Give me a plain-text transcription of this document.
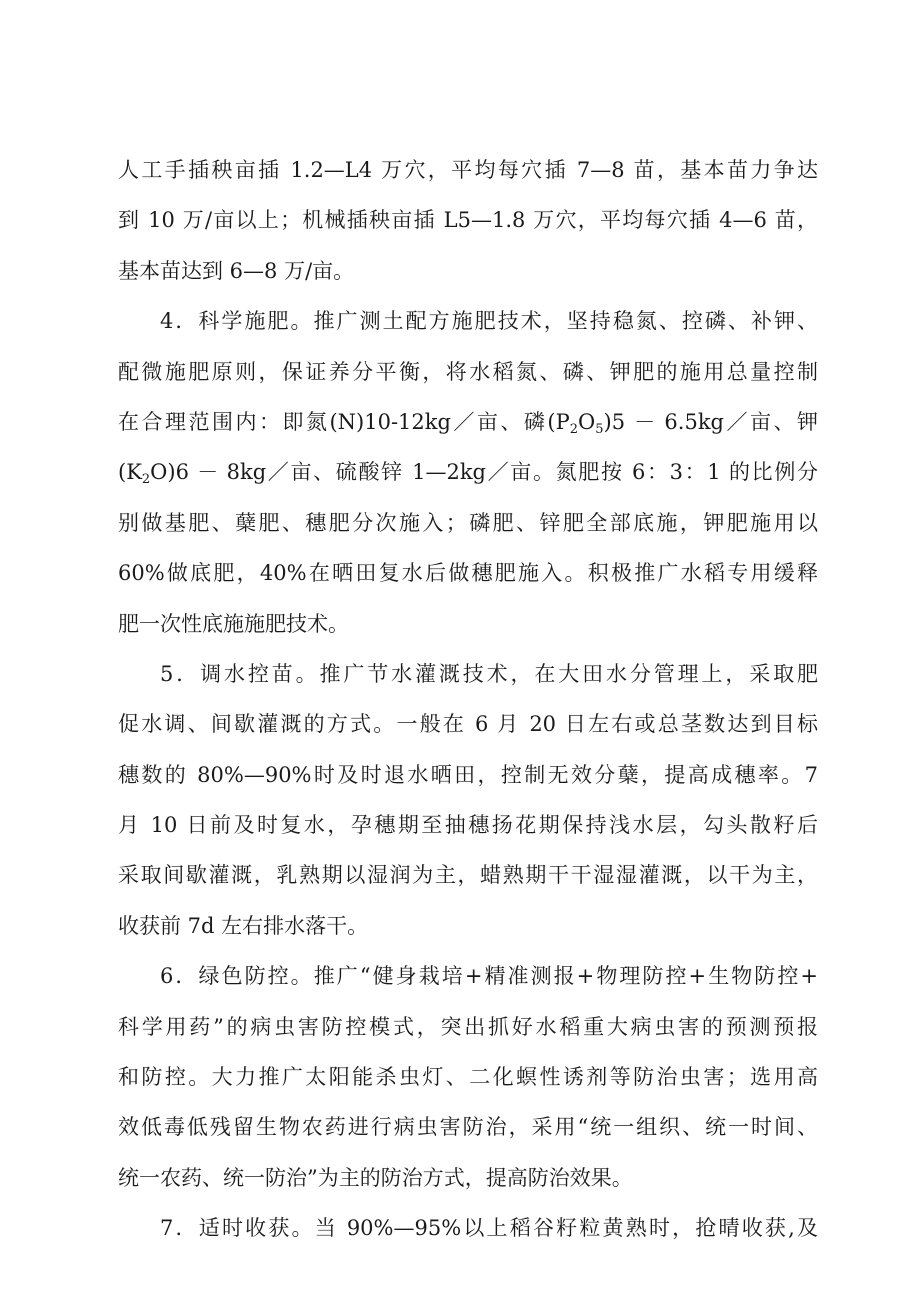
人工手插秧亩插 1.2—L4 万穴，平均每穴插 7—8 苗，基本苗力争达
到 10 万/亩以上；机械插秧亩插 L5—1.8 万穴，平均每穴插 4—6 苗，
基本苗达到 6—8 万/亩。
4．科学施肥。推广测土配方施肥技术，坚持稳氮、控磷、补钾、
配微施肥原则，保证养分平衡，将水稻氮、磷、钾肥的施用总量控制
在合理范围内：即氮(N)10-12kg／亩、磷$(P_2O_5)5$ － 6.5kg／亩、钾
$(K_2O)6$ － 8kg／亩、硫酸锌 1—2kg／亩。氮肥按 6：3：1 的比例分
别做基肥、蘖肥、穗肥分次施入；磷肥、锌肥全部底施，钾肥施用以
60%做底肥，40%在晒田复水后做穗肥施入。积极推广水稻专用缓释
肥一次性底施施肥技术。
5．调水控苗。推广节水灌溉技术，在大田水分管理上，采取肥
促水调、间歇灌溉的方式。一般在 6 月 20 日左右或总茎数达到目标
穗数的 80%—90%时及时退水晒田，控制无效分蘖，提高成穗率。7
月 10 日前及时复水，孕穗期至抽穗扬花期保持浅水层，勾头散籽后
采取间歇灌溉，乳熟期以湿润为主，蜡熟期干干湿湿灌溉，以干为主，
收获前 7d 左右排水落干。
6．绿色防控。推广“健身栽培+精准测报+物理防控+生物防控+
科学用药”的病虫害防控模式，突出抓好水稻重大病虫害的预测预报
和防控。大力推广太阳能杀虫灯、二化螟性诱剂等防治虫害；选用高
效低毒低残留生物农药进行病虫害防治，采用“统一组织、统一时间、
统一农药、统一防治”为主的防治方式，提高防治效果。
7．适时收获。当 90%—95%以上稻谷籽粒黄熟时，抢晴收获,及
